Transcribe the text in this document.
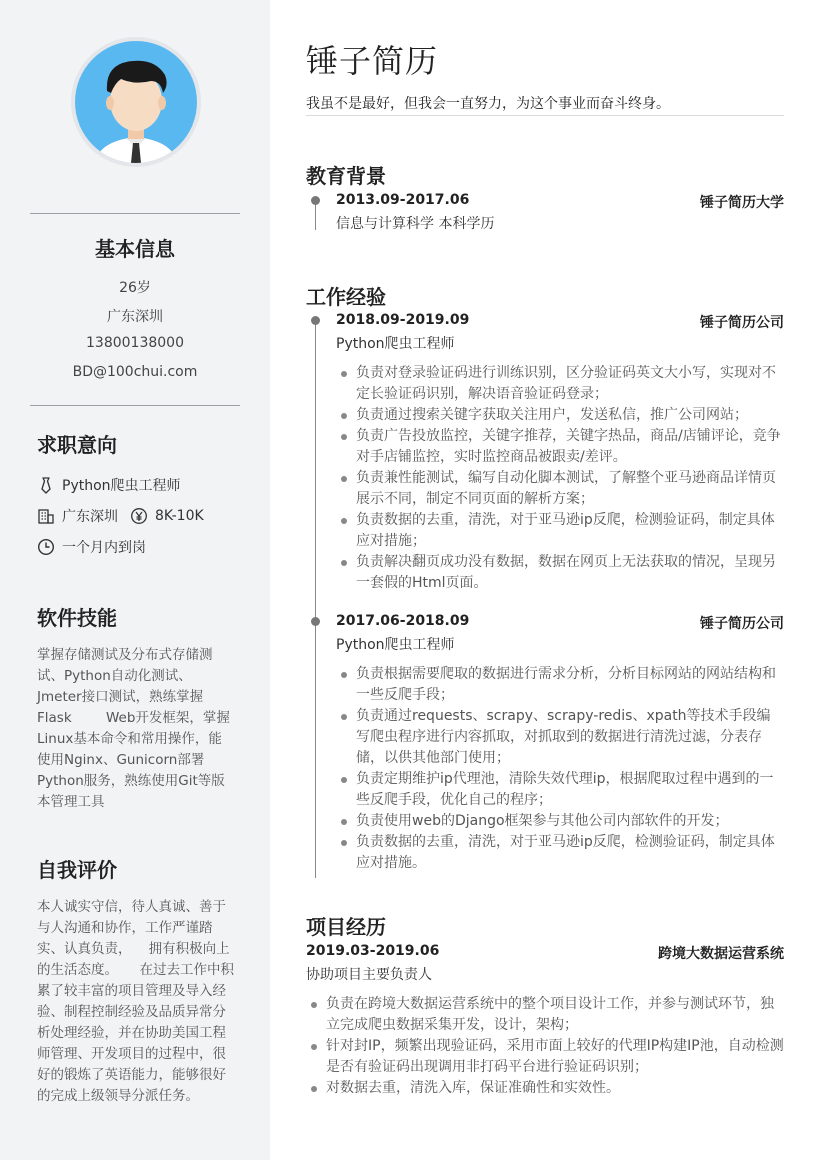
基本信息
26岁
广东深圳
13800138000
BD@100chui.com
求职意向
Python爬虫工程师
广东深圳	8K-10K
一个月内到岗
软件技能
掌握存储测试及分布式存储测
试、Python自动化测试、
Jmeter接口测试，熟练掌握
Flask        Web开发框架，掌握
Linux基本命令和常用操作，能
使用Nginx、Gunicorn部署
Python服务，熟练使用Git等版
本管理工具
自我评价
本人诚实守信，待人真诚、善于
与人沟通和协作，工作严谨踏
实、认真负责，    拥有积极向上
的生活态度。     在过去工作中积
累了较丰富的项目管理及导入经
验、制程控制经验及品质异常分
析处理经验，并在协助美国工程
师管理、开发项目的过程中，很
好的锻炼了英语能力，能够很好
的完成上级领导分派任务。
锤子简历
我虽不是最好，但我会一直努力，为这个事业而奋斗终身。
教育背景
2013.09-2017.06	锤子简历大学
信息与计算科学 本科学历
工作经验
2018.09-2019.09	锤子简历公司
Python爬虫工程师
负责对登录验证码进行训练识别，区分验证码英文大小写，实现对不定长验证码识别，解决语音验证码登录；
负责通过搜索关键字获取关注用户，发送私信，推广公司网站；
负责广告投放监控，关键字推荐，关键字热品，商品/店铺评论，竞争对手店铺监控，实时监控商品被跟卖/差评。
负责兼性能测试，编写自动化脚本测试，了解整个亚马逊商品详情页展示不同，制定不同页面的解析方案；
负责数据的去重，清洗，对于亚马逊ip反爬，检测验证码，制定具体应对措施；
负责解决翻页成功没有数据，数据在网页上无法获取的情况，呈现另一套假的Html页面。
2017.06-2018.09	锤子简历公司
Python爬虫工程师
负责根据需要爬取的数据进行需求分析，分析目标网站的网站结构和一些反爬手段；
负责通过requests、scrapy、scrapy-redis、xpath等技术手段编写爬虫程序进行内容抓取，对抓取到的数据进行清洗过滤，分表存储，以供其他部门使用；
负责定期维护ip代理池，清除失效代理ip，根据爬取过程中遇到的一些反爬手段，优化自己的程序；
负责使用web的Django框架参与其他公司内部软件的开发；
负责数据的去重，清洗，对于亚马逊ip反爬，检测验证码，制定具体应对措施。
项目经历
2019.03-2019.06	跨境大数据运营系统
协助项目主要负责人
负责在跨境大数据运营系统中的整个项目设计工作，并参与测试环节，独立完成爬虫数据采集开发，设计，架构；
针对封IP，频繁出现验证码，采用市面上较好的代理IP构建IP池，自动检测是否有验证码出现调用非打码平台进行验证码识别；
对数据去重，清洗入库，保证准确性和实效性。
